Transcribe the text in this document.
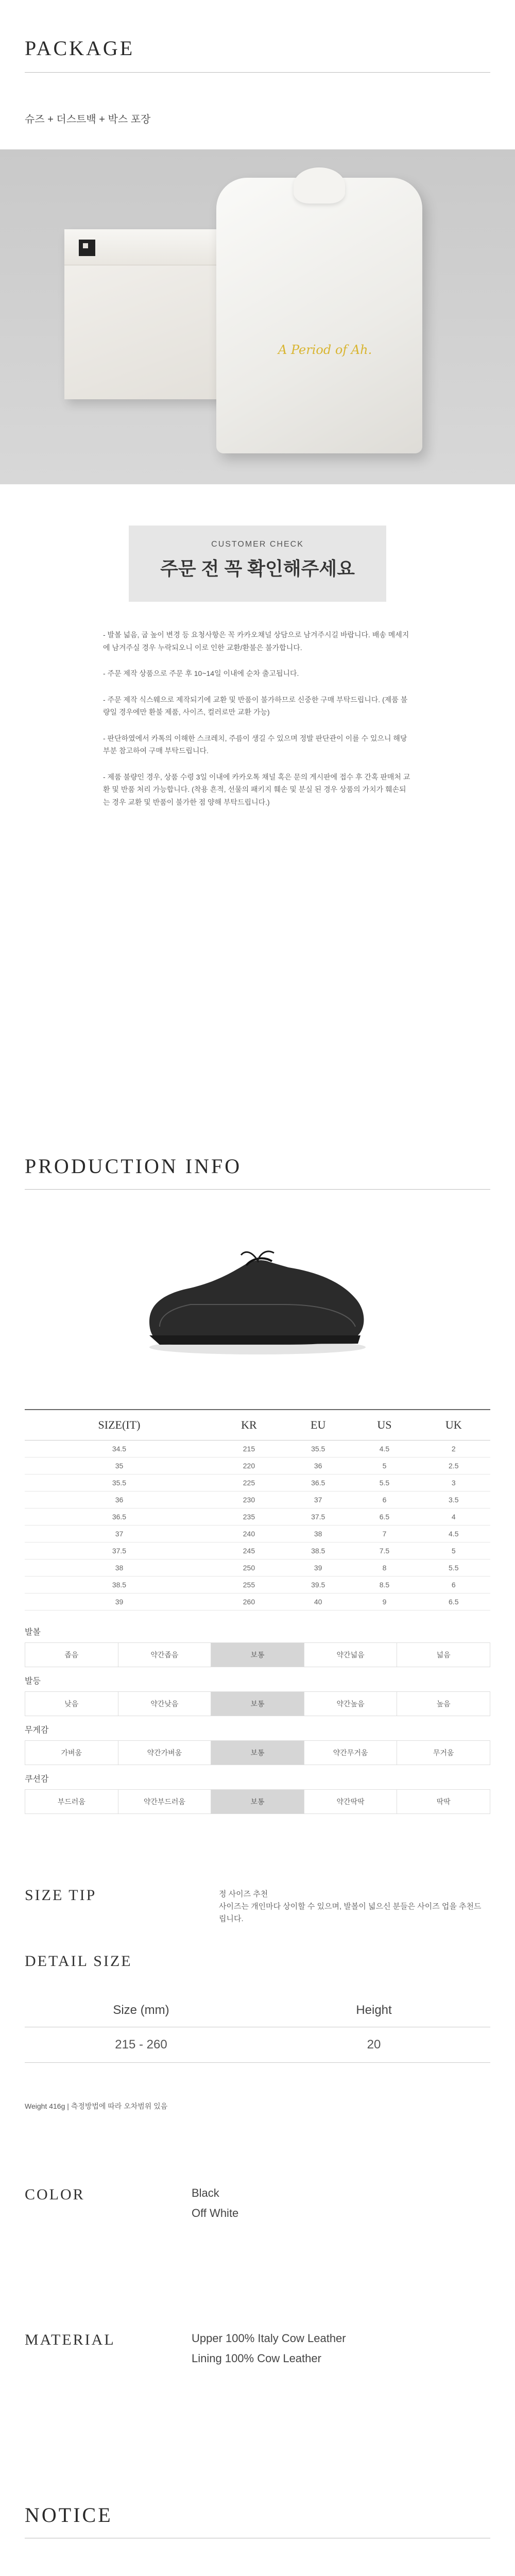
PACKAGE
슈즈 + 더스트백 + 박스 포장
A Period of Ah.
CUSTOMER CHECK
주문 전 꼭 확인해주세요
- 발볼 넓음, 굽 높이 변경 등 요청사항은 꼭 카카오채널 상담으로 남겨주시길 바랍니다. 배송 메세지에 남겨주실 경우 누락되오니 이로 인한 교환/환불은 불가합니다.
- 주문 제작 상품으로 주문 후 10~14일 이내에 순차 출고됩니다.
- 주문 제작 식스웨으로 제작되기에 교환 및 반품이 불가하므로 신중한 구매 부탁드립니다. (제품 불량일 경우에만 환불 제품, 사이즈, 컬러로만 교환 가능)
- 판단하였에서 카톡의 이해한 스크레치, 주름이 생길 수 있으며 정발 판단관이 이를 수 있으니 해당 부분 참고하여 구매 부탁드립니다.
- 제품 불량인 경우, 상품 수령 3일 이내에 카카오톡 채널 혹은 문의 게시판에 접수 후 간혹 판매처 교환 및 반품 처리 가능합니다. (착용 흔적, 선물의 패키지 훼손 및 분실 된 경우 상품의 가치가 훼손되는 경우 교환 및 반품이 불가한 점 양해 부탁드립니다.)
PRODUCTION INFO
SIZE(IT)	KR	EU	US	UK
34.5	215	35.5	4.5	2
35	220	36	5	2.5
35.5	225	36.5	5.5	3
36	230	37	6	3.5
36.5	235	37.5	6.5	4
37	240	38	7	4.5
37.5	245	38.5	7.5	5
38	250	39	8	5.5
38.5	255	39.5	8.5	6
39	260	40	9	6.5
발볼
좁음	약간좁음	보통	약간넓음	넓음
발등
낮음	약간낮음	보통	약간높음	높음
무게감
가벼움	약간가벼움	보통	약간무거움	무거움
쿠션감
부드러움	약간부드러움	보통	약간딱딱	딱딱
SIZE TIP	정 사이즈 추천
사이즈는 개인마다 상이할 수 있으며, 발볼이 넓으신 분들은 사이즈 업을 추천드립니다.
DETAIL SIZE
Size (mm)	Height
215 - 260	20
Weight 416g | 측정방법에 따라 오차범위 있음
COLOR	Black
Off White
MATERIAL	Upper 100% Italy Cow Leather
Lining 100% Cow Leather
NOTICE
